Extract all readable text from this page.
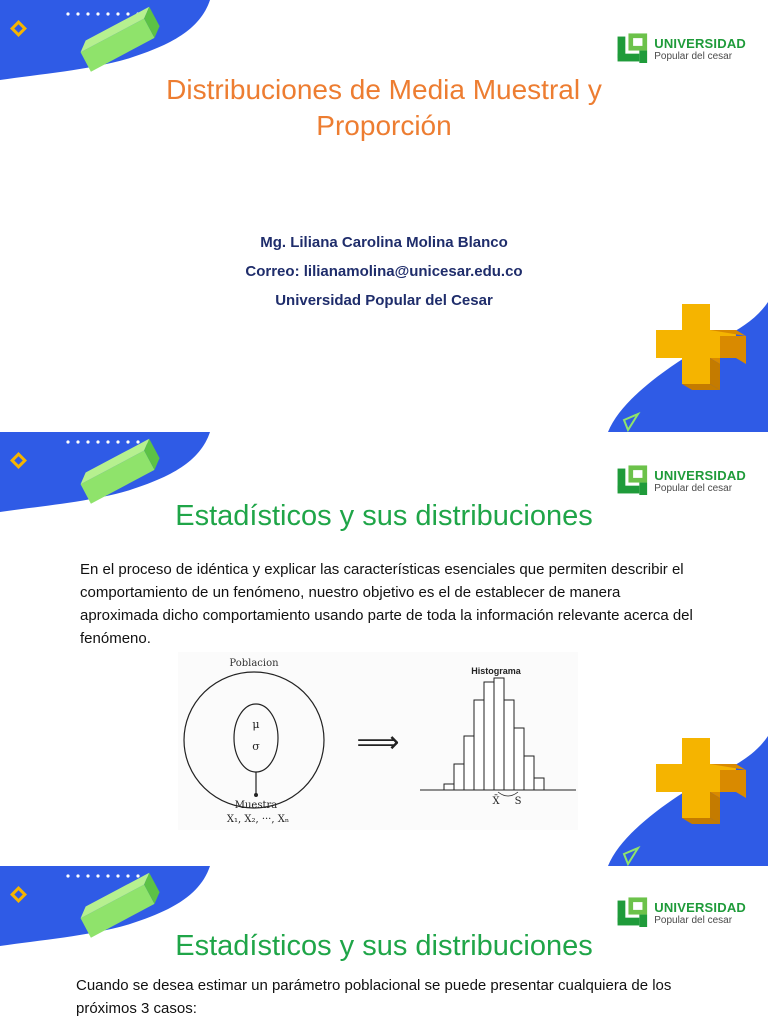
UNIVERSIDAD
Popular del cesar
Distribuciones de Media Muestral y
Proporción
Mg. Liliana Carolina Molina Blanco
Correo: lilianamolina@unicesar.edu.co
Universidad Popular del Cesar
UNIVERSIDAD
Popular del cesar
Estadísticos y sus distribuciones
En el proceso de idéntica y explicar las características esenciales que permiten describir el comportamiento de un fenómeno, nuestro objetivo es el de establecer de manera aproximada dicho comportamiento usando parte de toda la información relevante acerca del fenómeno.
Poblacion
μ
σ
Muestra
X₁, X₂, ···, Xₙ
⟹
Histograma
X̄ S
UNIVERSIDAD
Popular del cesar
Estadísticos y sus distribuciones
Cuando se desea estimar un parámetro poblacional se puede presentar cualquiera de los próximos 3 casos:
